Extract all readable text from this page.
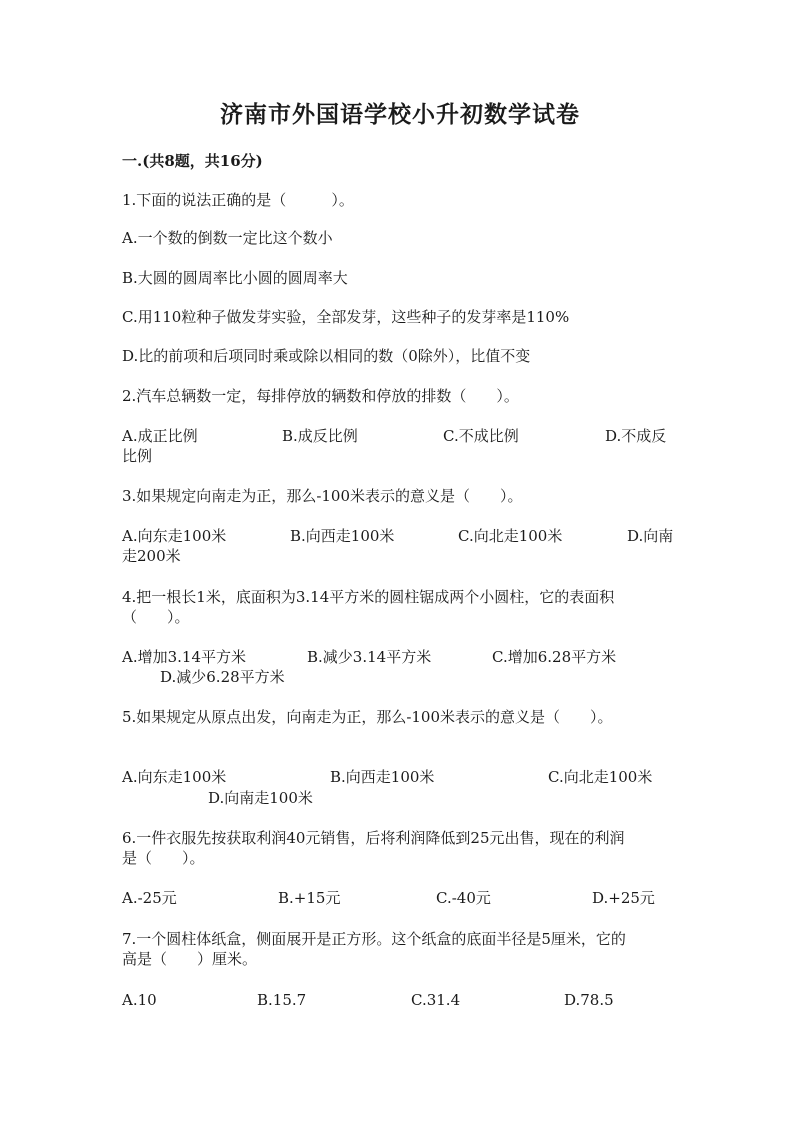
济南市外国语学校小升初数学试卷
一.(共8题，共16分)
1.下面的说法正确的是（　　　）。
A.一个数的倒数一定比这个数小
B.大圆的圆周率比小圆的圆周率大
C.用110粒种子做发芽实验，全部发芽，这些种子的发芽率是110%
D.比的前项和后项同时乘或除以相同的数（0除外），比值不变
2.汽车总辆数一定，每排停放的辆数和停放的排数（　　）。
A.成正比例	B.成反比例	C.不成比例	D.不成反
比例
3.如果规定向南走为正，那么-100米表示的意义是（　　）。
A.向东走100米	B.向西走100米	C.向北走100米	D.向南
走200米
4.把一根长1米，底面积为3.14平方米的圆柱锯成两个小圆柱，它的表面积
（　　）。
A.增加3.14平方米	B.减少3.14平方米	C.增加6.28平方米
D.减少6.28平方米
5.如果规定从原点出发，向南走为正，那么-100米表示的意义是（　　）。
A.向东走100米	B.向西走100米	C.向北走100米
D.向南走100米
6.一件衣服先按获取利润40元销售，后将利润降低到25元出售，现在的利润
是（　　）。
A.-25元	B.+15元	C.-40元	D.+25元
7.一个圆柱体纸盒，侧面展开是正方形。这个纸盒的底面半径是5厘米，它的
高是（　　）厘米。
A.10	B.15.7	C.31.4	D.78.5
